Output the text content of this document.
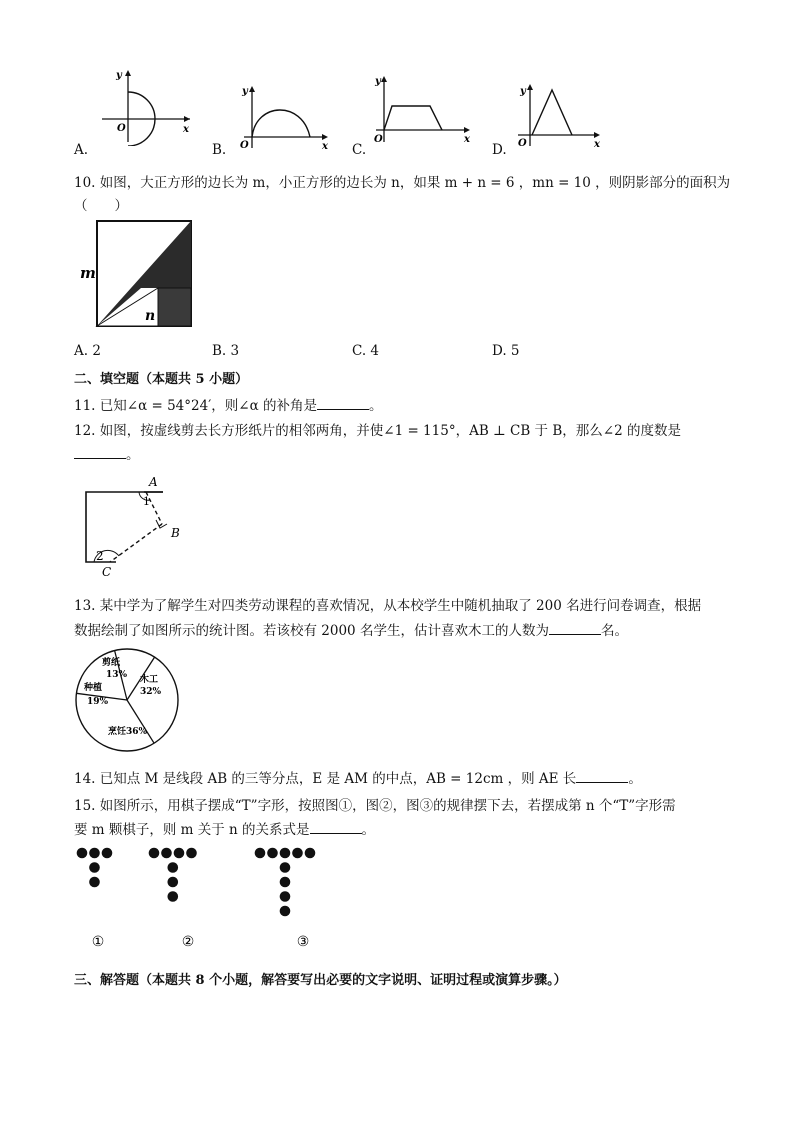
y
x
O
A.
y
x
O
B.
y
x
O
C.
y
x
O
D.
10. 如图，大正方形的边长为 m，小正方形的边长为 n，如果 m + n = 6 ，mn = 10 ，则阴影部分的面积为
（　　）
m
n
A. 2	B. 3	C. 4	D. 5
二、填空题（本题共 5 小题）
11. 已知∠α = 54°24′，则∠α 的补角是	。
12. 如图，按虚线剪去长方形纸片的相邻两角，并使∠1 = 115°，AB ⊥ CB 于 B，那么∠2 的度数是
。
A
1
B
2
C
13. 某中学为了解学生对四类劳动课程的喜欢情况，从本校学生中随机抽取了 200 名进行问卷调查，根据
数据绘制了如图所示的统计图。若该校有 2000 名学生，估计喜欢木工的人数为	名。
剪纸
13% 木工
32%
烹饪36%
种植
19%
14. 已知点 M 是线段 AB 的三等分点，E 是 AM 的中点，AB = 12cm ，则 AE 长	。
15. 如图所示，用棋子摆成“T”字形，按照图①，图②，图③的规律摆下去，若摆成第 n 个“T”字形需
要 m 颗棋子，则 m 关于 n 的关系式是	。
①	②	③
三、解答题（本题共 8 个小题，解答要写出必要的文字说明、证明过程或演算步骤。）
